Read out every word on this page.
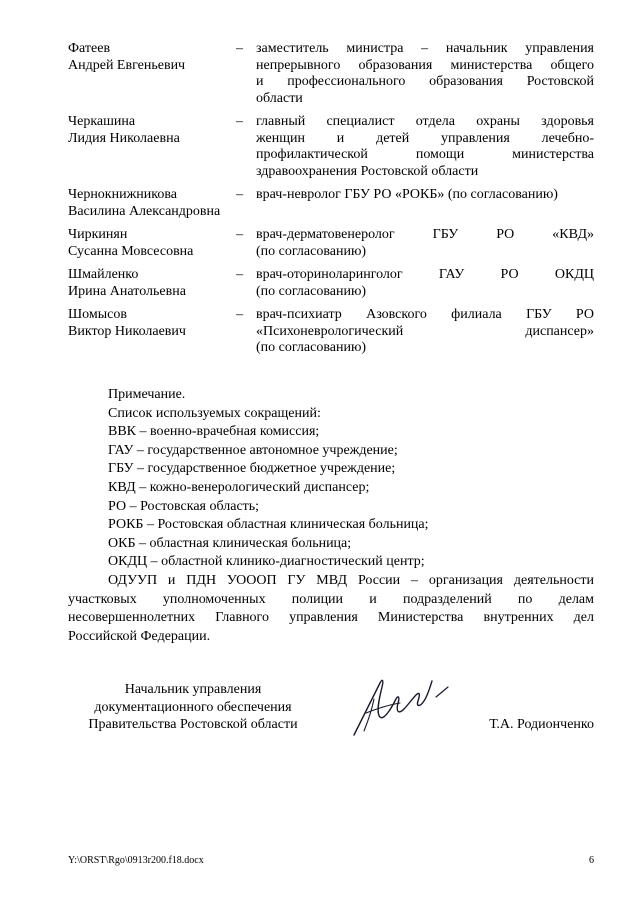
Фатеев
Андрей Евгеньевич
– заместитель министра – начальник управления
непрерывного образования министерства общего
и профессионального образования Ростовской
области
Черкашина
Лидия Николаевна
– главный специалист отдела охраны здоровья
женщин и детей управления лечебно-
профилактической помощи министерства
здравоохранения Ростовской области
Чернокнижникова
Василина Александровна
– врач-невролог ГБУ РО «РОКБ» (по согласованию)
Чиркинян
Сусанна Мовсесовна
– врач-дерматовенеролог ГБУ РО «КВД»
(по согласованию)
Шмайленко
Ирина Анатольевна
– врач-оториноларинголог ГАУ РО ОКДЦ
(по согласованию)
Шомысов
Виктор Николаевич
– врач-психиатр Азовского филиала ГБУ РО
«Психоневрологический диспансер»
(по согласованию)
Примечание.
Список используемых сокращений:
ВВК – военно-врачебная комиссия;
ГАУ – государственное автономное учреждение;
ГБУ – государственное бюджетное учреждение;
КВД – кожно-венерологический диспансер;
РО – Ростовская область;
РОКБ – Ростовская областная клиническая больница;
ОКБ – областная клиническая больница;
ОКДЦ – областной клинико-диагностический центр;
ОДУУП и ПДН УОООП ГУ МВД России – организация деятельности
участковых уполномоченных полиции и подразделений по делам
несовершеннолетних Главного управления Министерства внутренних дел
Российской Федерации.
Начальник управления
документационного обеспечения
Правительства Ростовской области	Т.А. Родионченко
Y:\ORST\Rgo\0913r200.f18.docx	6
